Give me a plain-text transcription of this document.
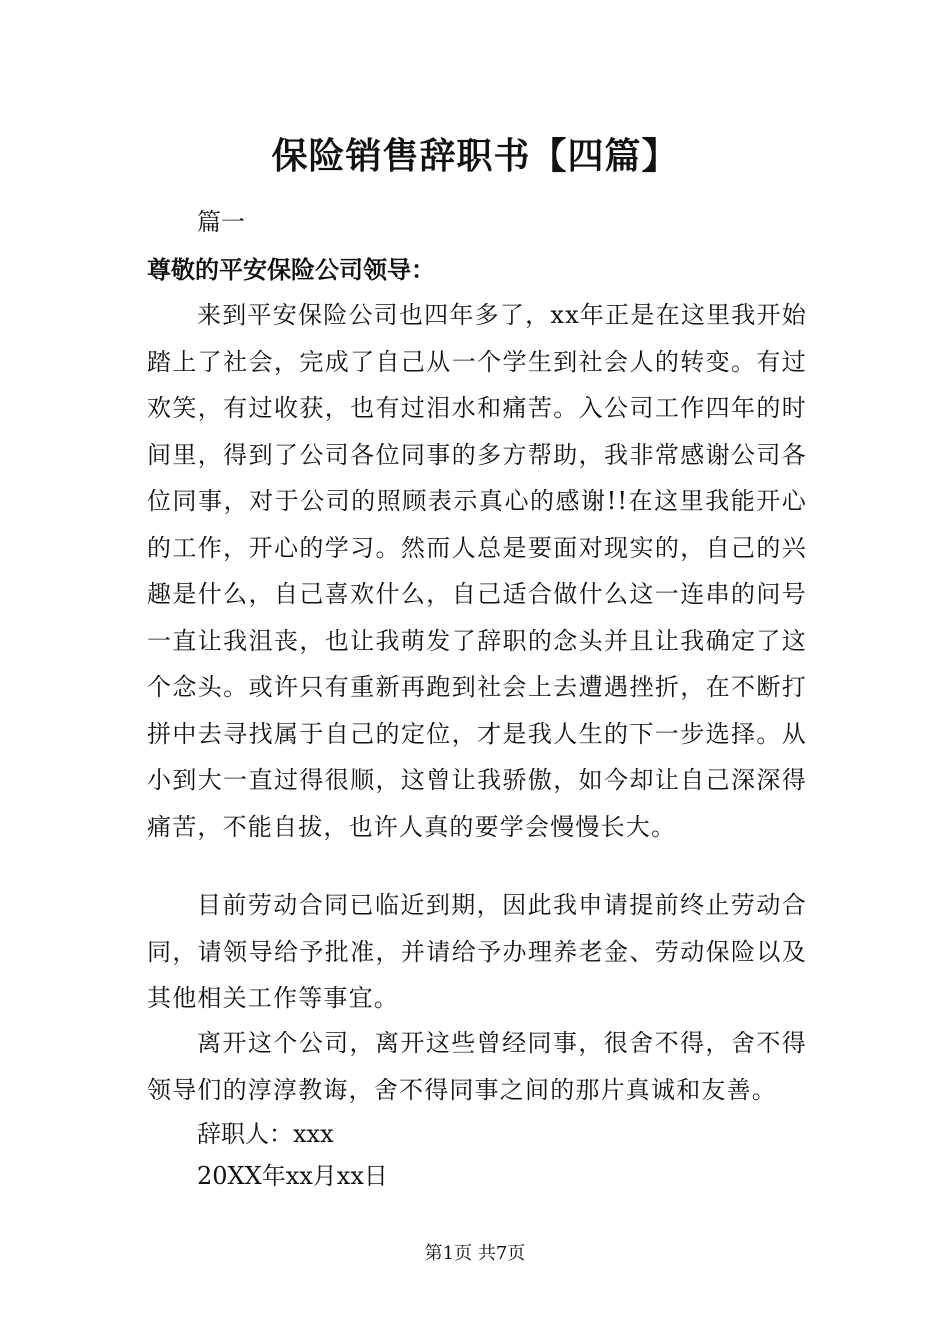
保险销售辞职书【四篇】
篇一
尊敬的平安保险公司领导：

来到平安保险公司也四年多了，xx年正是在这里我开始踏上了社会，完成了自己从一个学生到社会人的转变。有过欢笑，有过收获，也有过泪水和痛苦。入公司工作四年的时间里，得到了公司各位同事的多方帮助，我非常感谢公司各位同事，对于公司的照顾表示真心的感谢!!在这里我能开心的工作，开心的学习。然而人总是要面对现实的，自己的兴趣是什么，自己喜欢什么，自己适合做什么这一连串的问号一直让我沮丧，也让我萌发了辞职的念头并且让我确定了这个念头。或许只有重新再跑到社会上去遭遇挫折，在不断打拼中去寻找属于自己的定位，才是我人生的下一步选择。从小到大一直过得很顺，这曾让我骄傲，如今却让自己深深得痛苦，不能自拔，也许人真的要学会慢慢长大。

目前劳动合同已临近到期，因此我申请提前终止劳动合同，请领导给予批准，并请给予办理养老金、劳动保险以及其他相关工作等事宜。

离开这个公司，离开这些曾经同事，很舍不得，舍不得领导们的淳淳教诲，舍不得同事之间的那片真诚和友善。

辞职人：xxx
20XX年xx月xx日
第1页 共7页
